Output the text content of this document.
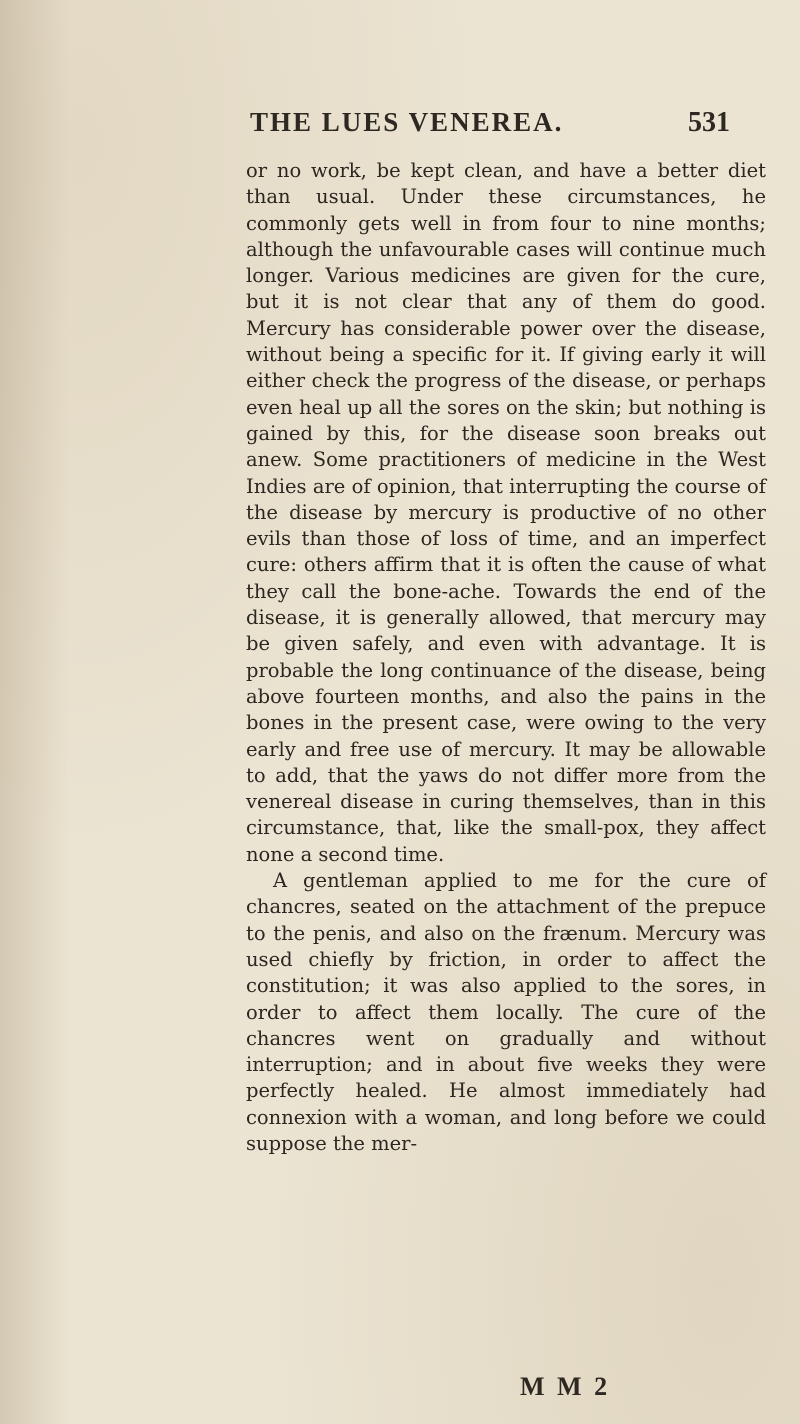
THE LUES VENEREA.	531

or no work, be kept clean, and have a better diet than usual. Under these circumstances, he commonly gets well in from four to nine months; although the unfavourable cases will continue much longer. Various medicines are given for the cure, but it is not clear that any of them do good. Mercury has considerable power over the disease, without being a specific for it. If giving early it will either check the progress of the disease, or perhaps even heal up all the sores on the skin; but nothing is gained by this, for the disease soon breaks out anew. Some practitioners of medicine in the West Indies are of opinion, that interrupting the course of the disease by mercury is productive of no other evils than those of loss of time, and an imperfect cure: others affirm that it is often the cause of what they call the bone-ache. Towards the end of the disease, it is generally allowed, that mercury may be given safely, and even with advantage. It is probable the long continuance of the disease, being above fourteen months, and also the pains in the bones in the present case, were owing to the very early and free use of mercury. It may be allowable to add, that the yaws do not differ more from the venereal disease in curing themselves, than in this circumstance, that, like the small-pox, they affect none a second time.

A gentleman applied to me for the cure of chancres, seated on the attachment of the prepuce to the penis, and also on the frænum. Mercury was used chiefly by friction, in order to affect the constitution; it was also applied to the sores, in order to affect them locally. The cure of the chancres went on gradually and without interruption; and in about five weeks they were perfectly healed. He almost immediately had connexion with a woman, and long before we could suppose the mer-

M M 2
